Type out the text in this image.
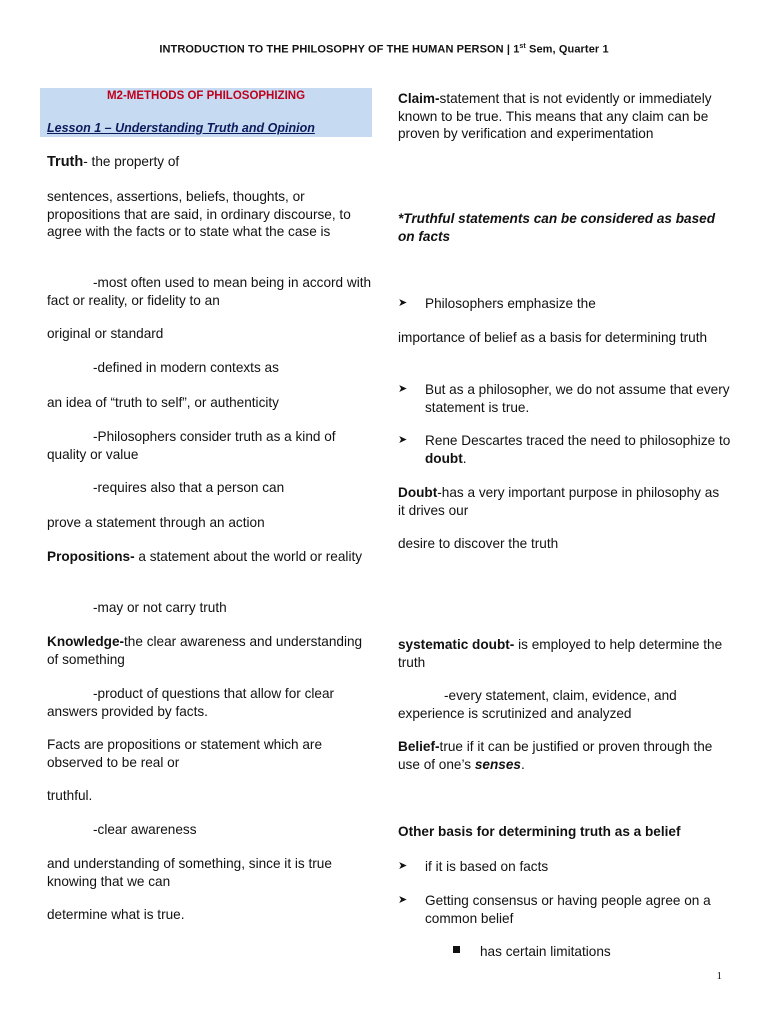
INTRODUCTION TO THE PHILOSOPHY OF THE HUMAN PERSON | 1st Sem, Quarter 1
M2-METHODS OF PHILOSOPHIZING
Lesson 1 – Understanding Truth and Opinion

Truth- the property of

sentences, assertions, beliefs, thoughts, or propositions that are said, in ordinary discourse, to agree with the facts or to state what the case is

-most often used to mean being in accord with fact or reality, or fidelity to an

original or standard

-defined in modern contexts as

an idea of “truth to self”, or authenticity

-Philosophers consider truth as a kind of quality or value

-requires also that a person can

prove a statement through an action

Propositions- a statement about the world or reality

-may or not carry truth

Knowledge-the clear awareness and understanding of something

-product of questions that allow for clear answers provided by facts.

Facts are propositions or statement which are observed to be real or

truthful.

-clear awareness

and understanding of something, since it is true knowing that we can

determine what is true.

Claim-statement that is not evidently or immediately known to be true. This means that any claim can be proven by verification and experimentation

*Truthful statements can be considered as based on facts

➤ Philosophers emphasize the

importance of belief as a basis for determining truth

➤ But as a philosopher, we do not assume that every statement is true.

➤ Rene Descartes traced the need to philosophize to doubt.

Doubt-has a very important purpose in philosophy as it drives our

desire to discover the truth

systematic doubt- is employed to help determine the truth

-every statement, claim, evidence, and experience is scrutinized and analyzed

Belief-true if it can be justified or proven through the use of one’s senses.

Other basis for determining truth as a belief

➤ if it is based on facts

➤ Getting consensus or having people agree on a common belief

has certain limitations

1
